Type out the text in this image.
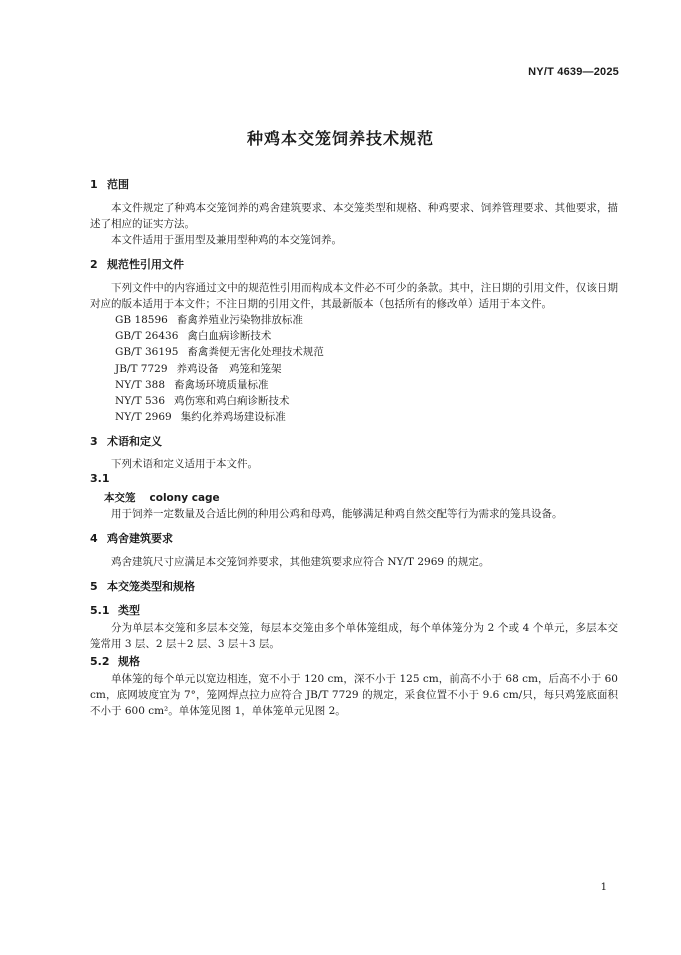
NY/T 4639—2025
种鸡本交笼饲养技术规范
1 范围

本文件规定了种鸡本交笼饲养的鸡舍建筑要求、本交笼类型和规格、种鸡要求、饲养管理要求、其他要求，描述了相应的证实方法。

本文件适用于蛋用型及兼用型种鸡的本交笼饲养。

2 规范性引用文件

下列文件中的内容通过文中的规范性引用而构成本文件必不可少的条款。其中，注日期的引用文件，仅该日期对应的版本适用于本文件；不注日期的引用文件，其最新版本（包括所有的修改单）适用于本文件。

GB 18596 畜禽养殖业污染物排放标准
GB/T 26436 禽白血病诊断技术
GB/T 36195 畜禽粪便无害化处理技术规范
JB/T 7729 养鸡设备　鸡笼和笼架
NY/T 388 畜禽场环境质量标准
NY/T 536 鸡伤寒和鸡白痢诊断技术
NY/T 2969 集约化养鸡场建设标准
3 术语和定义

下列术语和定义适用于本文件。

3.1
本交笼 colony cage

用于饲养一定数量及合适比例的种用公鸡和母鸡，能够满足种鸡自然交配等行为需求的笼具设备。

4 鸡舍建筑要求

鸡舍建筑尺寸应满足本交笼饲养要求，其他建筑要求应符合 NY/T 2969 的规定。

5 本交笼类型和规格
5.1 类型

分为单层本交笼和多层本交笼，每层本交笼由多个单体笼组成，每个单体笼分为 2 个或 4 个单元，多层本交笼常用 3 层、2 层＋2 层、3 层＋3 层。

5.2 规格

单体笼的每个单元以宽边相连，宽不小于 120 cm，深不小于 125 cm，前高不小于 68 cm，后高不小于 60 cm，底网坡度宜为 7°，笼网焊点拉力应符合 JB/T 7729 的规定，采食位置不小于 9.6 cm/只，每只鸡笼底面积不小于 600 cm²。单体笼见图 1，单体笼单元见图 2。

1
